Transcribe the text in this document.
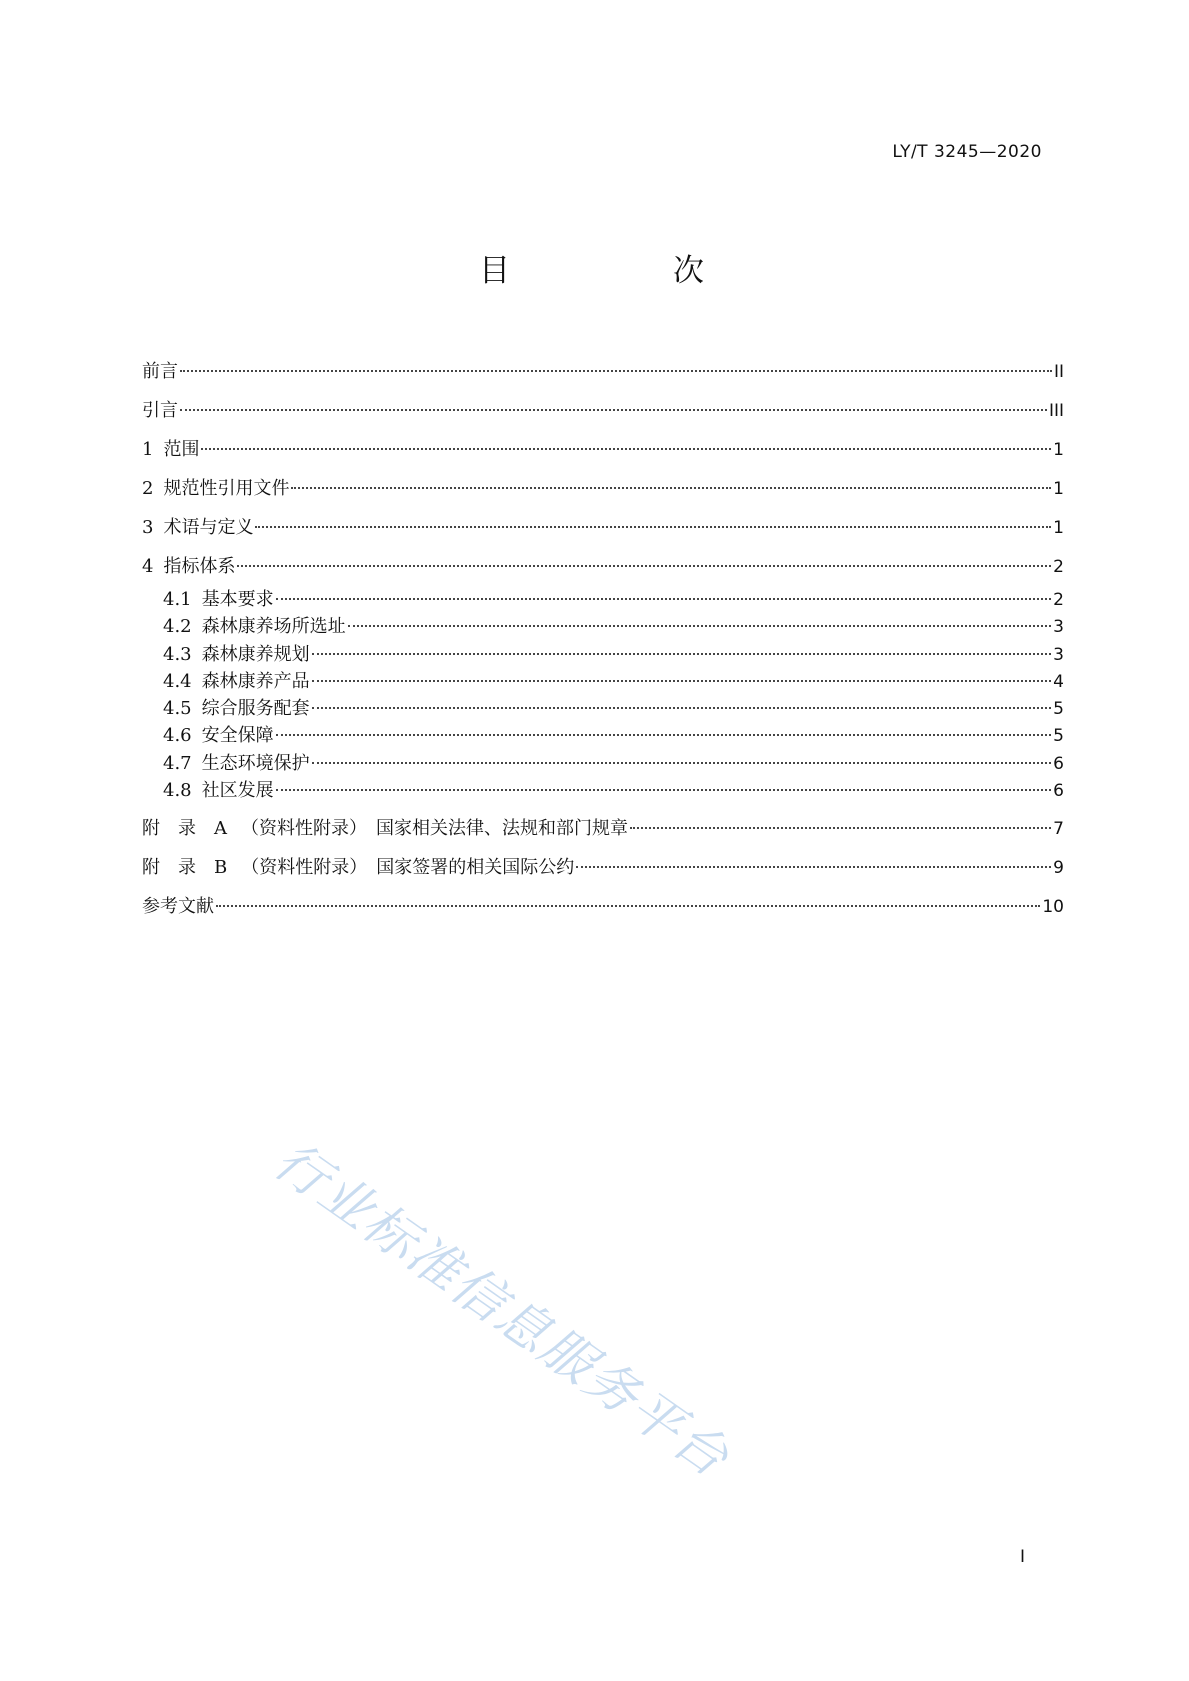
LY/T 3245—2020
目　次
前言	II
引言	III
1 范围	1
2 规范性引用文件	1
3 术语与定义	1
4 指标体系	2
4.1 基本要求	2
4.2 森林康养场所选址	3
4.3 森林康养规划	3
4.4 森林康养产品	4
4.5 综合服务配套	5
4.6 安全保障	5
4.7 生态环境保护	6
4.8 社区发展	6
附　录　A （资料性附录）　国家相关法律、法规和部门规章	7
附　录　B （资料性附录）　国家签署的相关国际公约	9
参考文献	10
行业标准信息服务平台
I
